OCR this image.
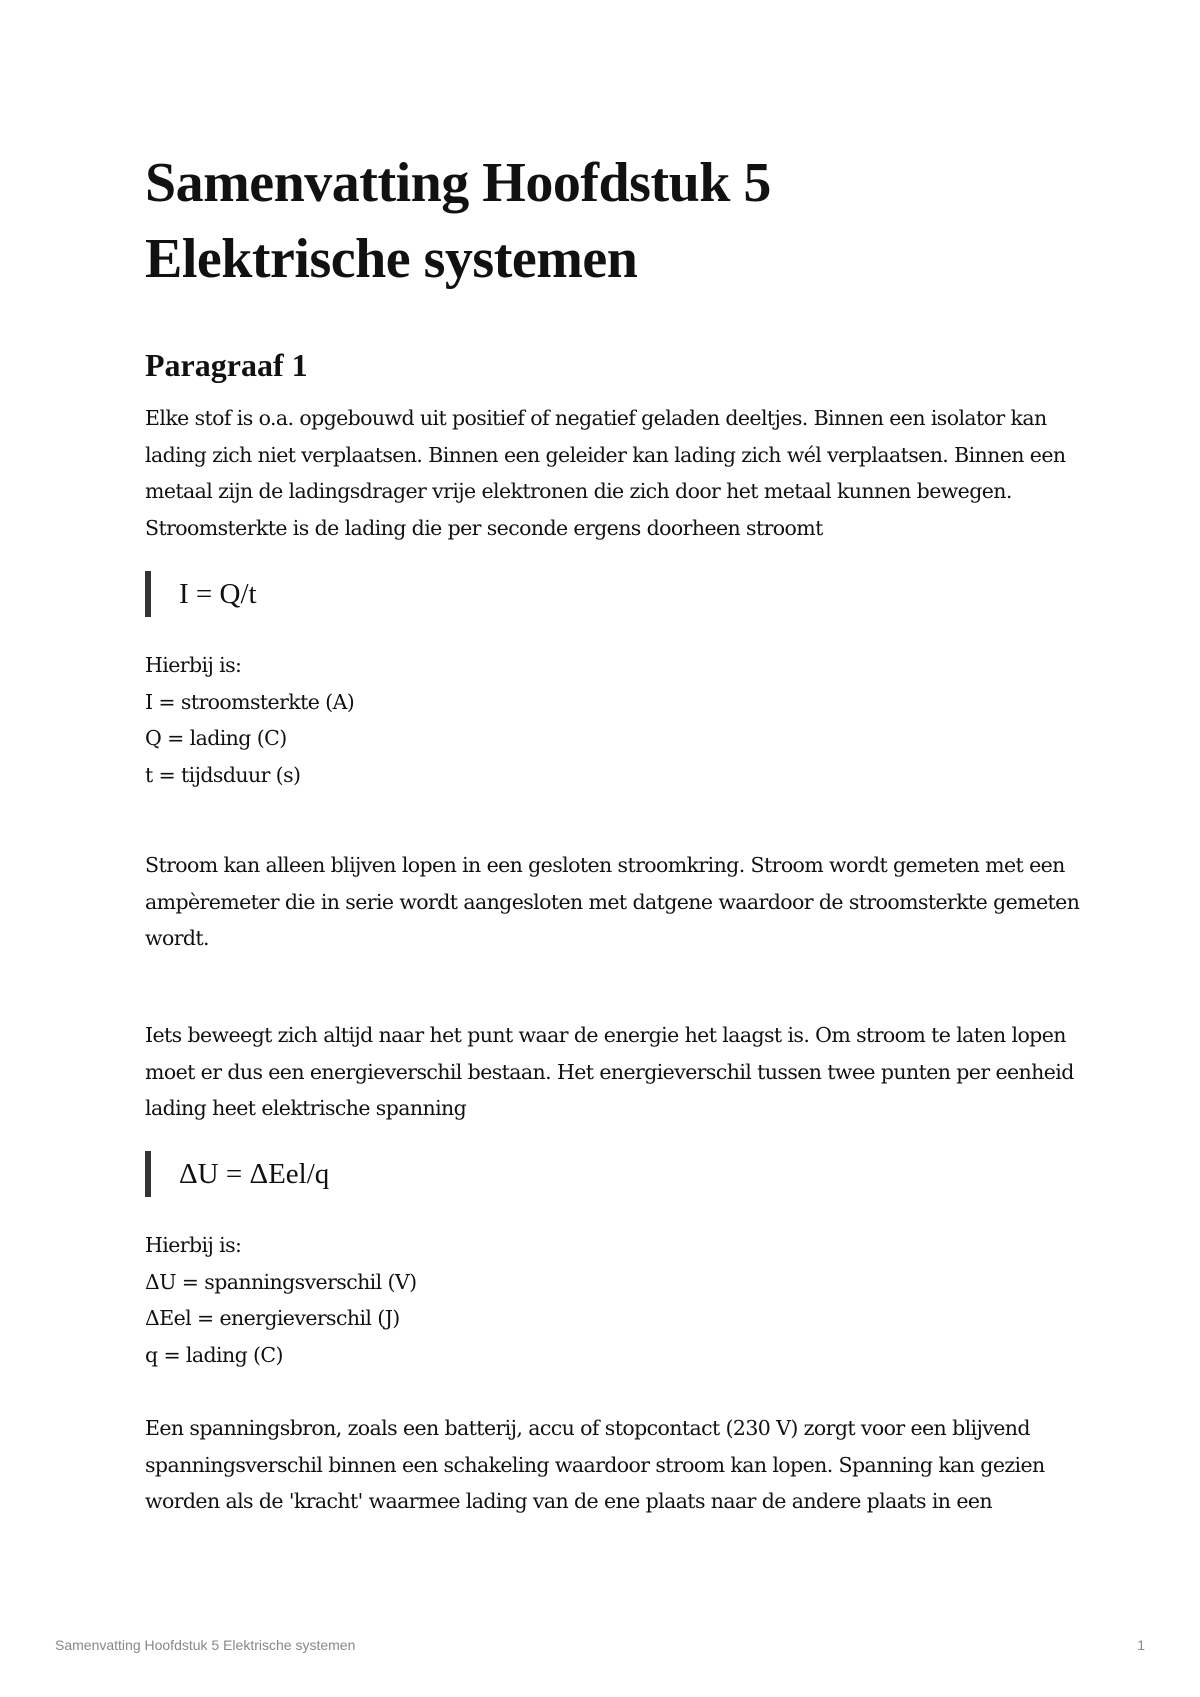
Samenvatting Hoofdstuk 5
Elektrische systemen
Paragraaf 1

Elke stof is o.a. opgebouwd uit positief of negatief geladen deeltjes. Binnen een isolator kan
lading zich niet verplaatsen. Binnen een geleider kan lading zich wél verplaatsen. Binnen een
metaal zijn de ladingsdrager vrije elektronen die zich door het metaal kunnen bewegen.
Stroomsterkte is de lading die per seconde ergens doorheen stroomt

I = Q/t

Hierbij is:
I = stroomsterkte (A)
Q = lading (C)
t = tijdsduur (s)

Stroom kan alleen blijven lopen in een gesloten stroomkring. Stroom wordt gemeten met een
ampèremeter die in serie wordt aangesloten met datgene waardoor de stroomsterkte gemeten
wordt.

Iets beweegt zich altijd naar het punt waar de energie het laagst is. Om stroom te laten lopen
moet er dus een energieverschil bestaan. Het energieverschil tussen twee punten per eenheid
lading heet elektrische spanning

ΔU = ΔEel/q

Hierbij is:
ΔU = spanningsverschil (V)
ΔEel = energieverschil (J)
q = lading (C)

Een spanningsbron, zoals een batterij, accu of stopcontact (230 V) zorgt voor een blijvend
spanningsverschil binnen een schakeling waardoor stroom kan lopen. Spanning kan gezien
worden als de 'kracht' waarmee lading van de ene plaats naar de andere plaats in een

Samenvatting Hoofdstuk 5 Elektrische systemen	1
